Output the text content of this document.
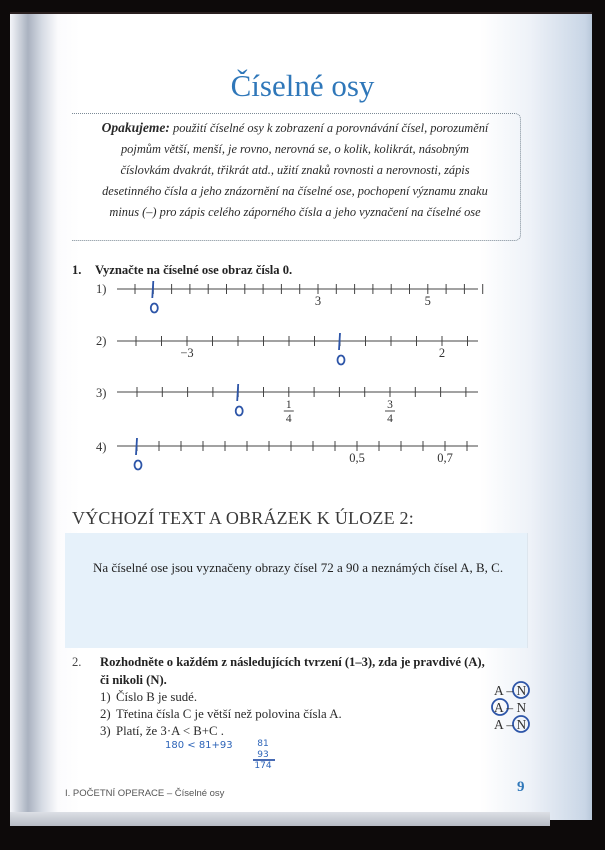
Číselné osy
Opakujeme: použití číselné osy k zobrazení a porovnávání čísel, porozumění pojmům větší, menší, je rovno, nerovná se, o kolik, kolikrát, násobným číslovkám dvakrát, třikrát atd., užití znaků rovnosti a nerovnosti, zápis desetinného čísla a jeho znázornění na číselné ose, pochopení významu znaku minus (–) pro zápis celého záporného čísla a jeho vyznačení na číselné ose
1. Vyznačte na číselné ose obraz čísla 0.
1)
2)
3)
4)
3	5
−3	2
1
4
3
4
0,5	0,7
180 < 81+93	81
93
174
VÝCHOZÍ TEXT A OBRÁZEK K ÚLOZE 2:
Na číselné ose jsou vyznačeny obrazy čísel 72 a 90 a neznámých čísel A, B, C.
2. Rozhodněte o každém z následujících tvrzení (1–3), zda je pravdivé (A),
či nikoli (N).
1) Číslo B je sudé.
2) Třetina čísla C je větší než polovina čísla A.
3) Platí, že 3·A < B+C .
A – N
A – N
A – N
I. POČETNÍ OPERACE – Číselné osy	9
